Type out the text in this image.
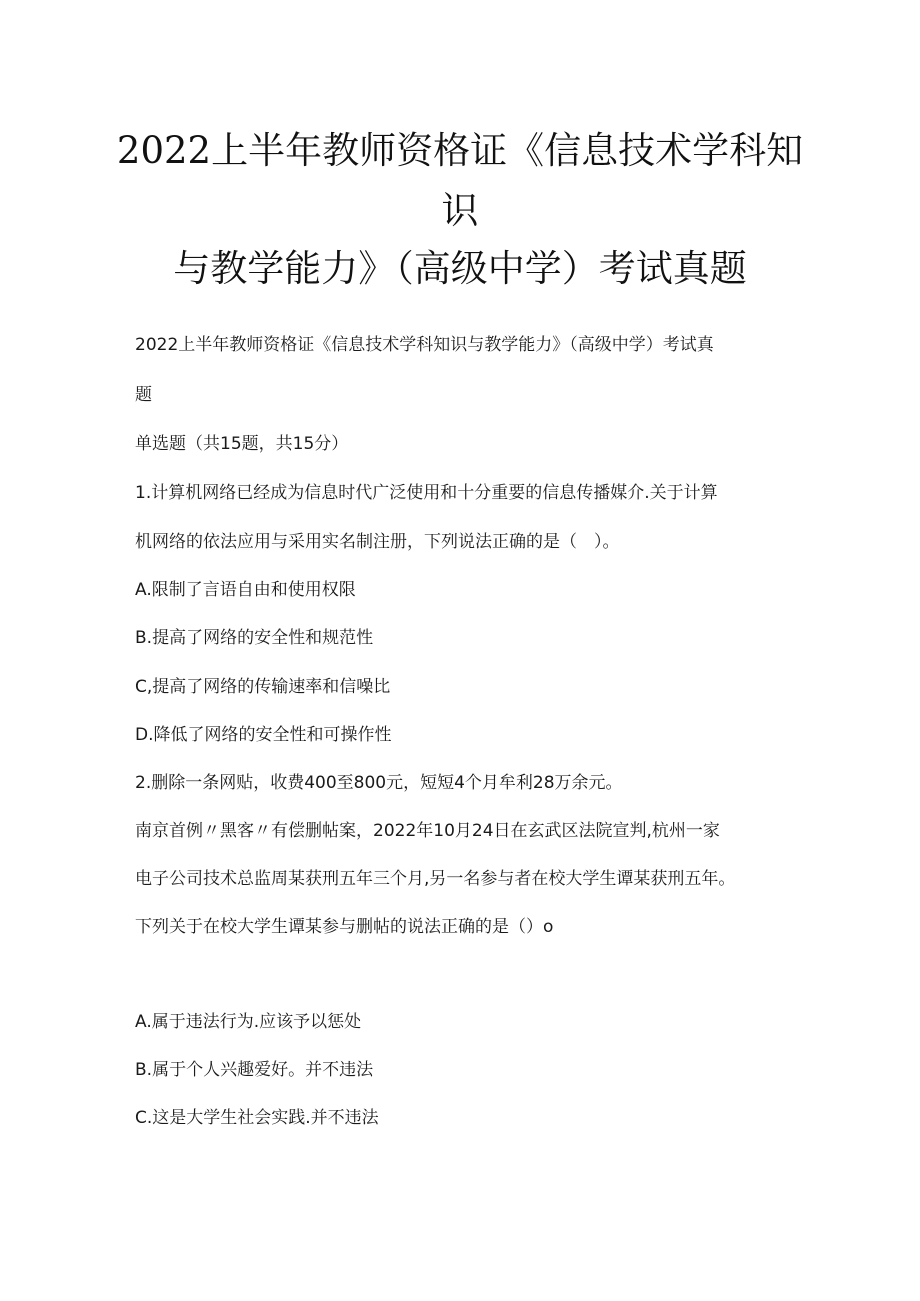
2022上半年教师资格证《信息技术学科知
识
与教学能力》（高级中学）考试真题
2022上半年教师资格证《信息技术学科知识与教学能力》（高级中学）考试真
题
单选题（共15题，共15分）
1.计算机网络已经成为信息时代广泛使用和十分重要的信息传播媒介.关于计算
机网络的依法应用与采用实名制注册，下列说法正确的是（　）。
A.限制了言语自由和使用权限
B.提高了网络的安全性和规范性
C,提高了网络的传输速率和信噪比
D.降低了网络的安全性和可操作性
2.删除一条网贴，收费400至800元，短短4个月牟利28万余元。
南京首例〃黑客〃有偿删帖案，2022年10月24日在玄武区法院宣判,杭州一家
电子公司技术总监周某获刑五年三个月,另一名参与者在校大学生谭某获刑五年。
下列关于在校大学生谭某参与删帖的说法正确的是（）o
A.属于违法行为.应该予以惩处
B.属于个人兴趣爱好。并不违法
C.这是大学生社会实践.并不违法
